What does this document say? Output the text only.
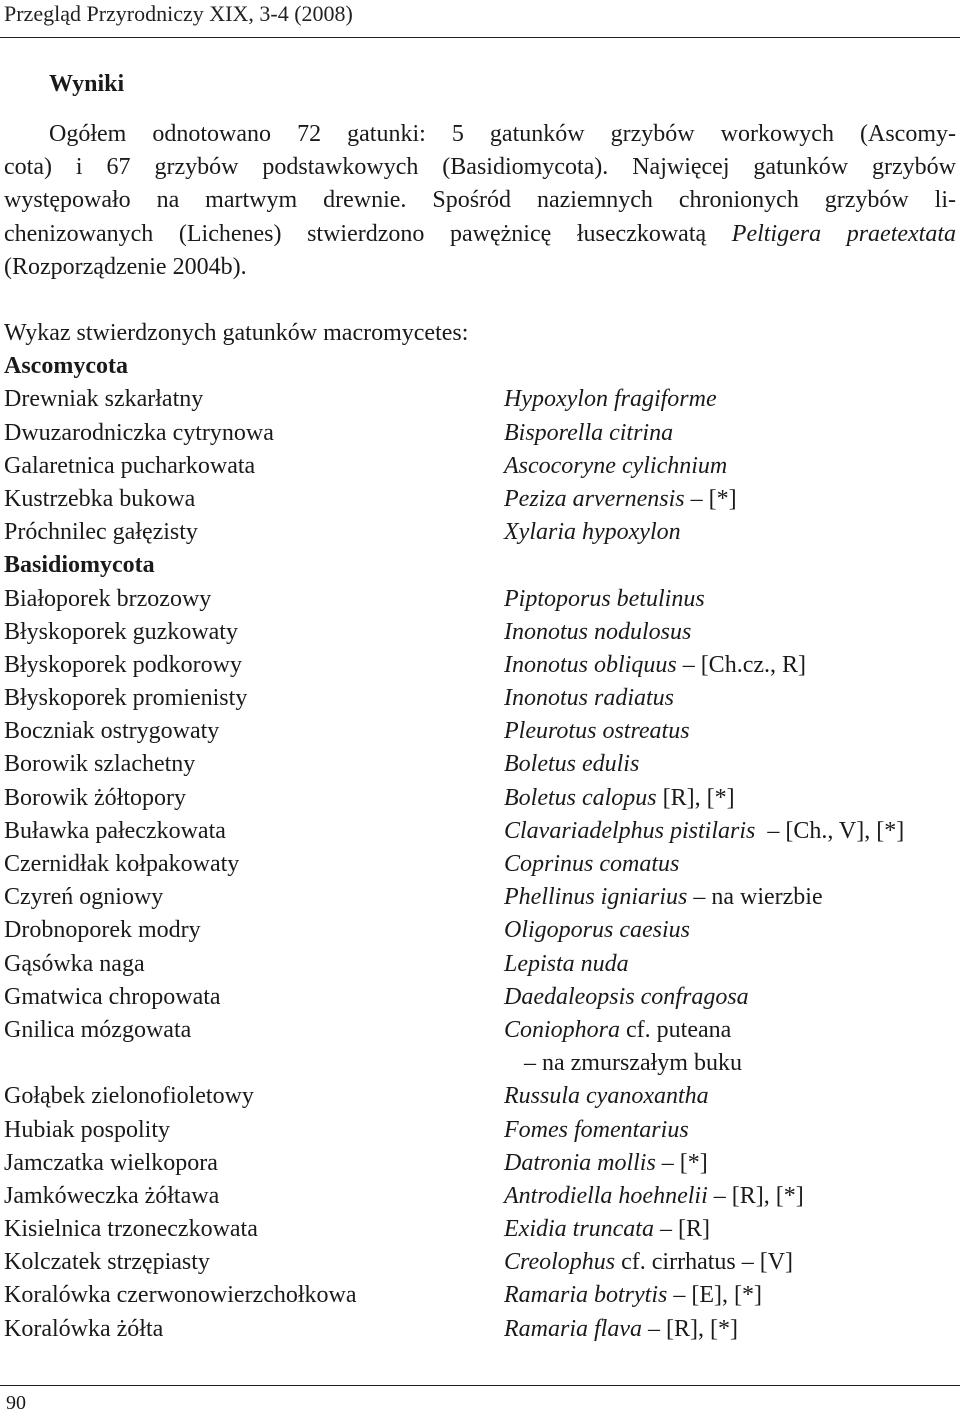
Przegląd Przyrodniczy XIX, 3-4 (2008)
Wyniki

Ogółem odnotowano 72 gatunki: 5 gatunków grzybów workowych (Ascomy-
cota) i 67 grzybów podstawkowych (Basidiomycota). Najwięcej gatunków grzybów
występowało na martwym drewnie. Spośród naziemnych chronionych grzybów li-
chenizowanych (Lichenes) stwierdzono pawężnicę łuseczkowatą Peltigera praetextata
(Rozporządzenie 2004b).

Wykaz stwierdzonych gatunków macromycetes:

Ascomycota
Drewniak szkarłatny	Hypoxylon fragiforme
Dwuzarodniczka cytrynowa	Bisporella citrina
Galaretnica pucharkowata	Ascocoryne cylichnium
Kustrzebka bukowa	Peziza arvernensis – [*]
Próchnilec gałęzisty	Xylaria hypoxylon
Basidiomycota
Białoporek brzozowy	Piptoporus betulinus
Błyskoporek guzkowaty	Inonotus nodulosus
Błyskoporek podkorowy	Inonotus obliquus – [Ch.cz., R]
Błyskoporek promienisty	Inonotus radiatus
Boczniak ostrygowaty	Pleurotus ostreatus
Borowik szlachetny	Boletus edulis
Borowik żółtopory	Boletus calopus [R], [*]
Buławka pałeczkowata	Clavariadelphus pistilaris  – [Ch., V], [*]
Czernidłak kołpakowaty	Coprinus comatus
Czyreń ogniowy	Phellinus igniarius – na wierzbie
Drobnoporek modry	Oligoporus caesius
Gąsówka naga	Lepista nuda
Gmatwica chropowata	Daedaleopsis confragosa
Gnilica mózgowata	Coniophora cf. puteana
– na zmurszałym buku
Gołąbek zielonofioletowy	Russula cyanoxantha
Hubiak pospolity	Fomes fomentarius
Jamczatka wielkopora	Datronia mollis – [*]
Jamkóweczka żółtawa	Antrodiella hoehnelii – [R], [*]
Kisielnica trzoneczkowata	Exidia truncata – [R]
Kolczatek strzępiasty	Creolophus cf. cirrhatus – [V]
Koralówka czerwonowierzchołkowa	Ramaria botrytis – [E], [*]
Koralówka żółta	Ramaria flava – [R], [*]
90
